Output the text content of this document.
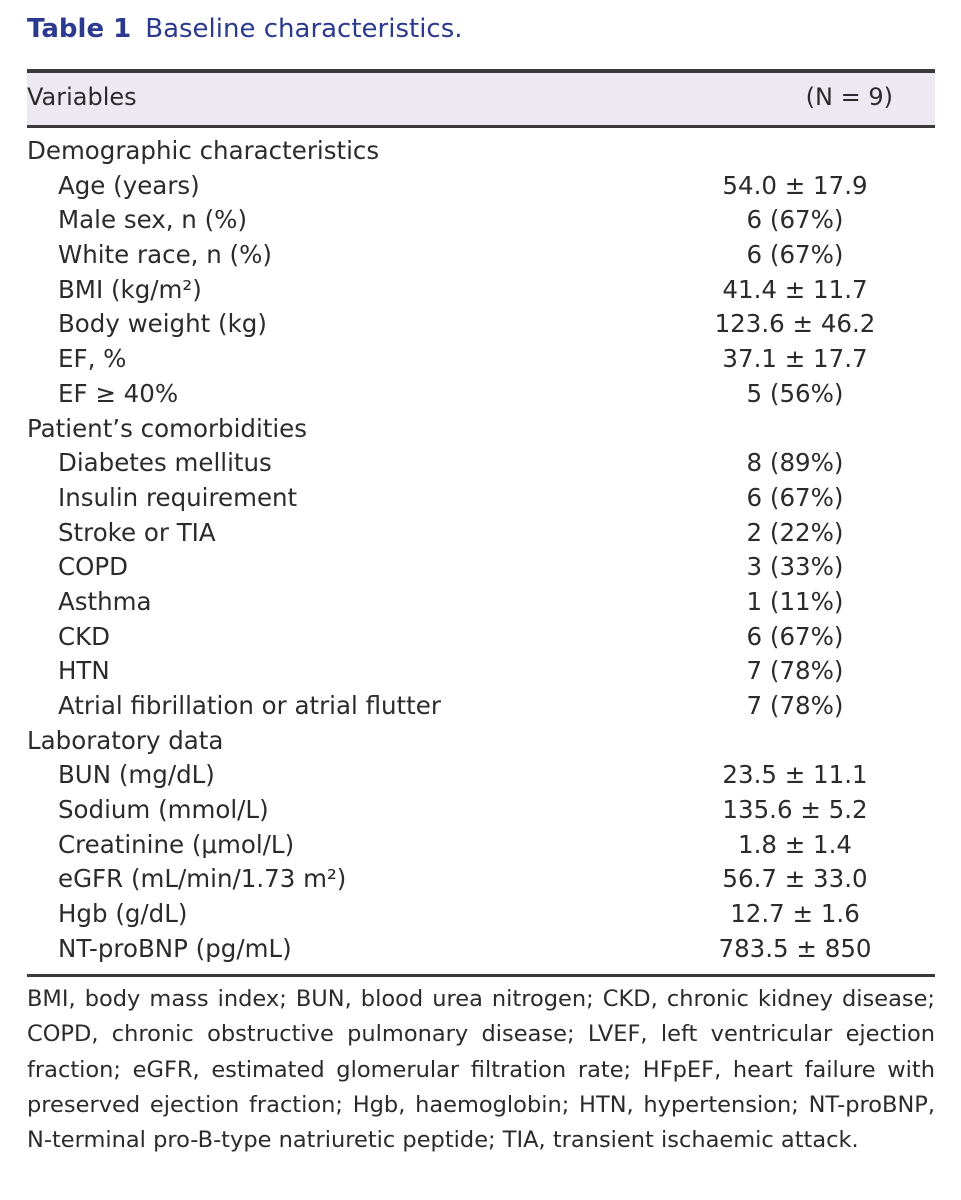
Table 1 Baseline characteristics.
Variables	(N = 9)
Demographic characteristics
Age (years)	54.0 ± 17.9
Male sex, n (%)	6 (67%)
White race, n (%)	6 (67%)
BMI (kg/m²)	41.4 ± 11.7
Body weight (kg)	123.6 ± 46.2
EF, %	37.1 ± 17.7
EF ≥ 40%	5 (56%)
Patient’s comorbidities
Diabetes mellitus	8 (89%)
Insulin requirement	6 (67%)
Stroke or TIA	2 (22%)
COPD	3 (33%)
Asthma	1 (11%)
CKD	6 (67%)
HTN	7 (78%)
Atrial fibrillation or atrial flutter	7 (78%)
Laboratory data
BUN (mg/dL)	23.5 ± 11.1
Sodium (mmol/L)	135.6 ± 5.2
Creatinine (μmol/L)	1.8 ± 1.4
eGFR (mL/min/1.73 m²)	56.7 ± 33.0
Hgb (g/dL)	12.7 ± 1.6
NT-proBNP (pg/mL)	783.5 ± 850
BMI, body mass index; BUN, blood urea nitrogen; CKD, chronic kidney disease; COPD, chronic obstructive pulmonary disease; LVEF, left ventricular ejection fraction; eGFR, estimated glomerular filtration rate; HFpEF, heart failure with preserved ejection fraction; Hgb, haemoglobin; HTN, hypertension; NT-proBNP, N-terminal pro-B-type natriuretic peptide; TIA, transient ischaemic attack.
